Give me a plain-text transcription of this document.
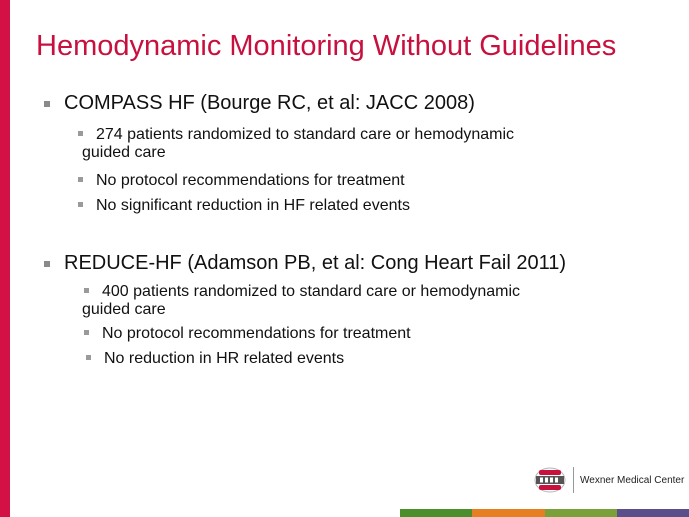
Hemodynamic Monitoring Without Guidelines
COMPASS HF (Bourge RC, et al: JACC 2008)
274 patients randomized to standard care or hemodynamic
guided care
No protocol recommendations for treatment
No significant reduction in HF related events
REDUCE-HF (Adamson PB, et al: Cong Heart Fail 2011)
400 patients randomized to standard care or hemodynamic
guided care
No protocol recommendations for treatment
No reduction in HR related events
Wexner Medical Center
